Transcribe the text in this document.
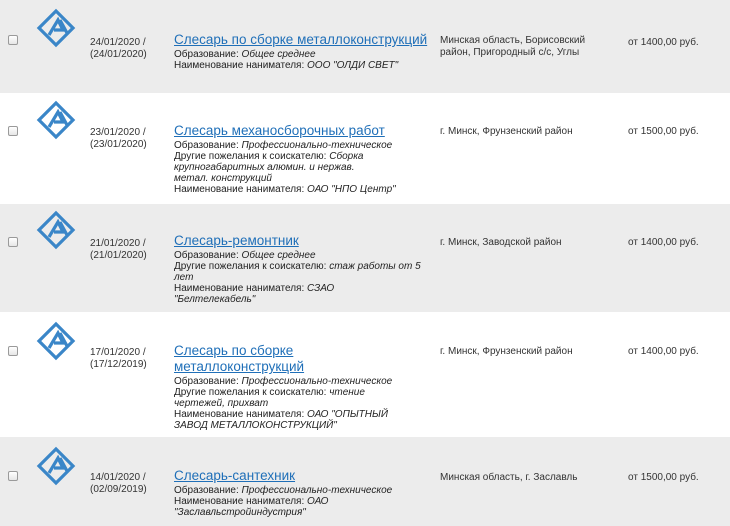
24/01/2020 /
(24/01/2020)
Слесарь по сборке металлоконструкций
Образование: Общее среднее
Наименование нанимателя: ООО "ОЛДИ СВЕТ"
Минская область, Борисовский район, Пригородный с/с, Углы
от 1400,00 руб.
23/01/2020 /
(23/01/2020)
Слесарь механосборочных работ
Образование: Профессионально-техническое
Другие пожелания к соискателю: Сборка крупногабаритных алюмин. и нержав. метал. конструкций
Наименование нанимателя: ОАО "НПО Центр"
г. Минск, Фрунзенский район	от 1500,00 руб.
21/01/2020 /
(21/01/2020)
Слесарь-ремонтник
Образование: Общее среднее
Другие пожелания к соискателю: стаж работы от 5 лет
Наименование нанимателя: СЗАО "Белтелекабель"
г. Минск, Заводской район	от 1400,00 руб.
17/01/2020 /
(17/12/2019)
Слесарь по сборке металлоконструкций
Образование: Профессионально-техническое
Другие пожелания к соискателю: чтение чертежей, прихват
Наименование нанимателя: ОАО "ОПЫТНЫЙ ЗАВОД МЕТАЛЛОКОНСТРУКЦИЙ"
г. Минск, Фрунзенский район	от 1400,00 руб.
14/01/2020 /
(02/09/2019)
Слесарь-сантехник
Образование: Профессионально-техническое
Наименование нанимателя: ОАО "Заславльстройиндустрия"
Минская область, г. Заславль	от 1500,00 руб.
